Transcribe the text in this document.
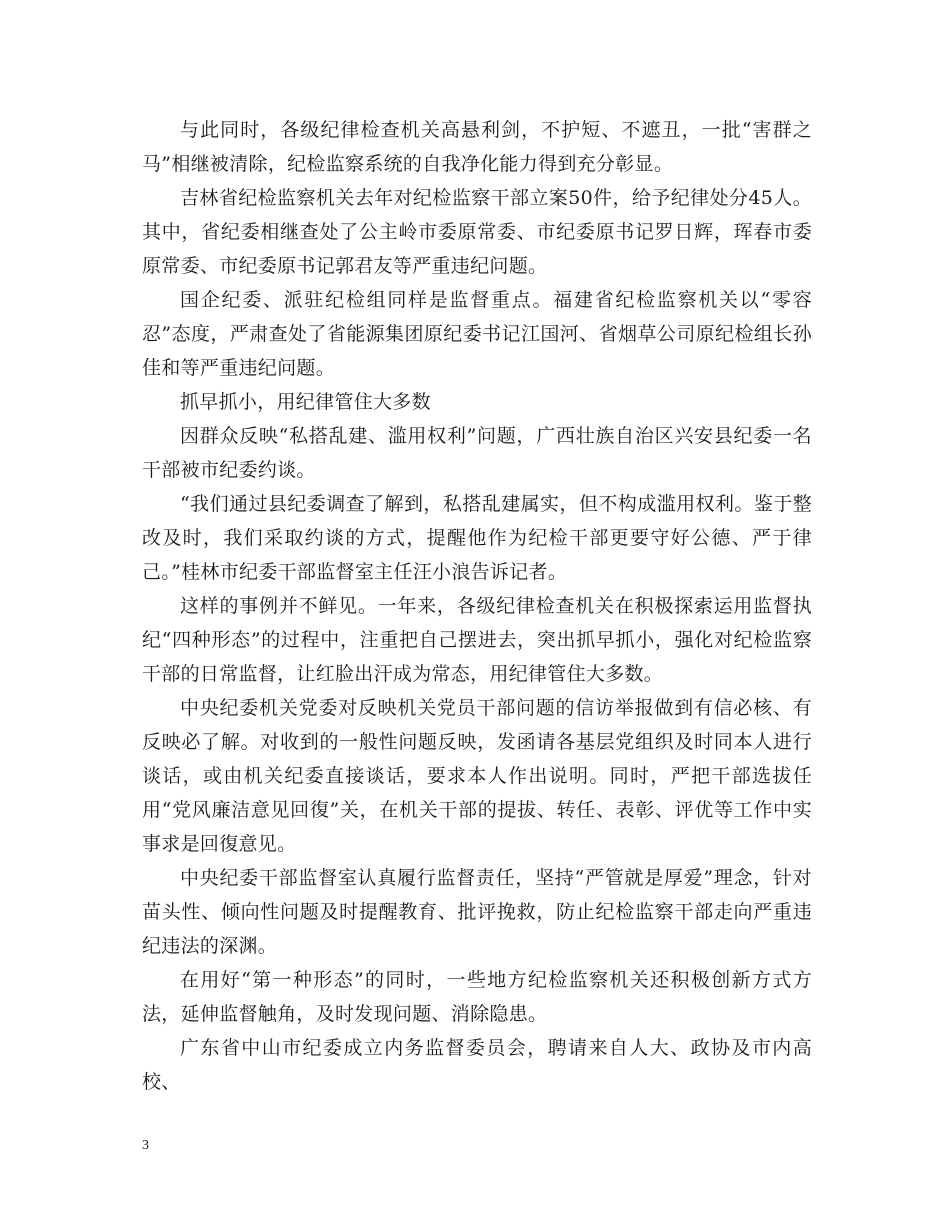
与此同时，各级纪律检查机关高悬利剑，不护短、不遮丑，一批“害群之马”相继被清除，纪检监察系统的自我净化能力得到充分彰显。

吉林省纪检监察机关去年对纪检监察干部立案50件，给予纪律处分45人。其中，省纪委相继查处了公主岭市委原常委、市纪委原书记罗日辉，珲春市委原常委、市纪委原书记郭君友等严重违纪问题。

国企纪委、派驻纪检组同样是监督重点。福建省纪检监察机关以“零容忍”态度，严肃查处了省能源集团原纪委书记江国河、省烟草公司原纪检组长孙佳和等严重违纪问题。

抓早抓小，用纪律管住大多数

因群众反映“私搭乱建、滥用权利”问题，广西壮族自治区兴安县纪委一名干部被市纪委约谈。

“我们通过县纪委调查了解到，私搭乱建属实，但不构成滥用权利。鉴于整改及时，我们采取约谈的方式，提醒他作为纪检干部更要守好公德、严于律己。”桂林市纪委干部监督室主任汪小浪告诉记者。

这样的事例并不鲜见。一年来，各级纪律检查机关在积极探索运用监督执纪“四种形态”的过程中，注重把自己摆进去，突出抓早抓小，强化对纪检监察干部的日常监督，让红脸出汗成为常态，用纪律管住大多数。

中央纪委机关党委对反映机关党员干部问题的信访举报做到有信必核、有反映必了解。对收到的一般性问题反映，发函请各基层党组织及时同本人进行谈话，或由机关纪委直接谈话，要求本人作出说明。同时，严把干部选拔任用“党风廉洁意见回復”关，在机关干部的提拔、转任、表彰、评优等工作中实事求是回復意见。

中央纪委干部监督室认真履行监督责任，坚持“严管就是厚爱”理念，针对苗头性、倾向性问题及时提醒教育、批评挽救，防止纪检监察干部走向严重违纪违法的深渊。

在用好“第一种形态”的同时，一些地方纪检监察机关还积极创新方式方法，延伸监督触角，及时发现问题、消除隐患。

广东省中山市纪委成立内务监督委员会，聘请来自人大、政协及市内高校、

3
